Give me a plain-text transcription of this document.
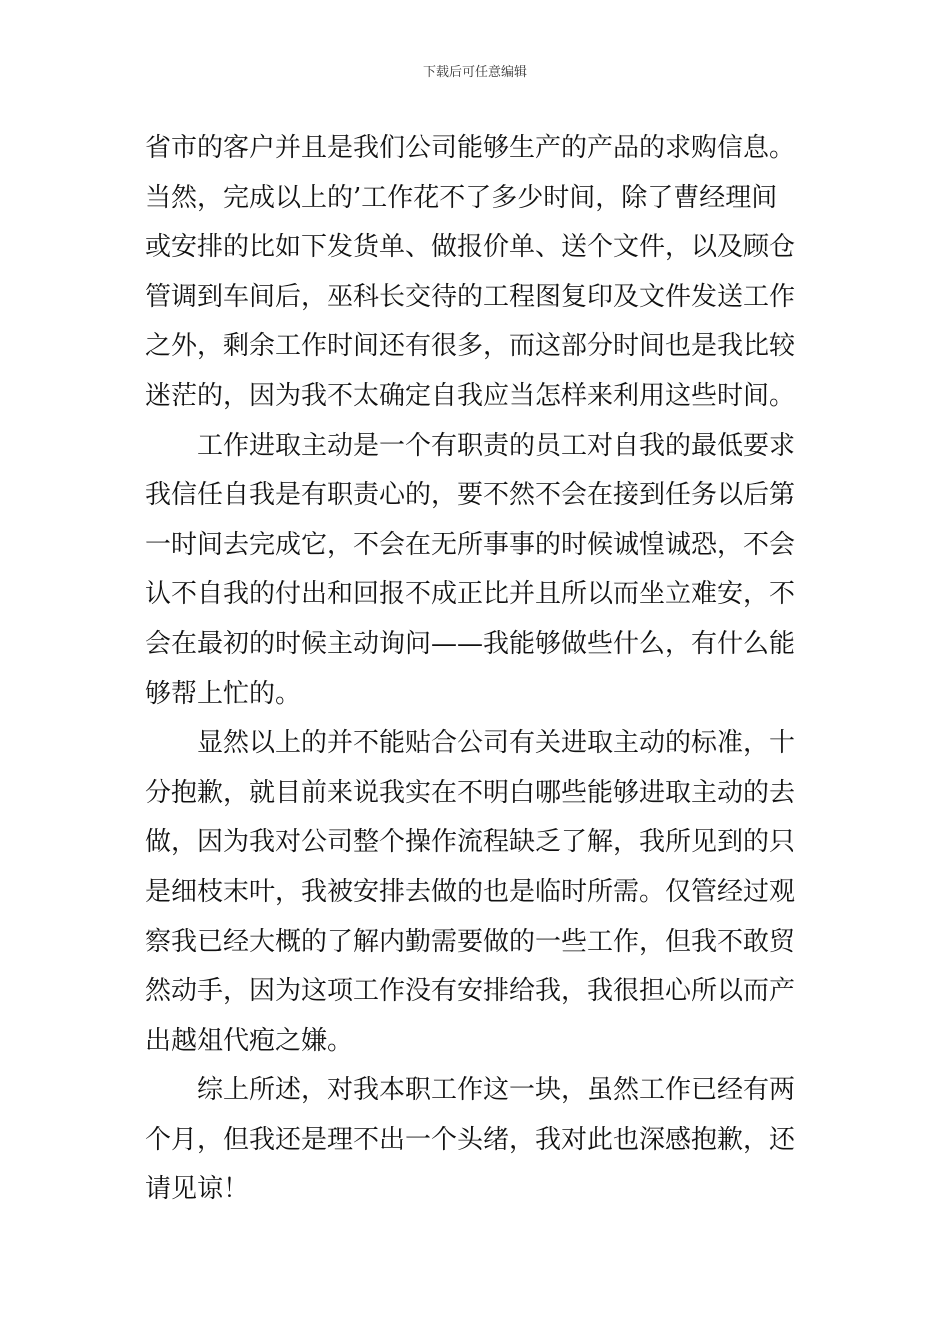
下载后可任意编辑
省市的客户并且是我们公司能够生产的产品的求购信息。
当然，完成以上的’工作花不了多少时间，除了曹经理间
或安排的比如下发货单、做报价单、送个文件，以及顾仓
管调到车间后，巫科长交待的工程图复印及文件发送工作
之外，剩余工作时间还有很多，而这部分时间也是我比较
迷茫的，因为我不太确定自我应当怎样来利用这些时间。
工作进取主动是一个有职责的员工对自我的最低要求
我信任自我是有职责心的，要不然不会在接到任务以后第
一时间去完成它，不会在无所事事的时候诚惶诚恐，不会
认不自我的付出和回报不成正比并且所以而坐立难安，不
会在最初的时候主动询问——我能够做些什么，有什么能
够帮上忙的。
显然以上的并不能贴合公司有关进取主动的标准，十
分抱歉，就目前来说我实在不明白哪些能够进取主动的去
做，因为我对公司整个操作流程缺乏了解，我所见到的只
是细枝末叶，我被安排去做的也是临时所需。仅管经过观
察我已经大概的了解内勤需要做的一些工作，但我不敢贸
然动手，因为这项工作没有安排给我，我很担心所以而产
出越俎代疱之嫌。
综上所述，对我本职工作这一块，虽然工作已经有两
个月，但我还是理不出一个头绪，我对此也深感抱歉，还
请见谅！
